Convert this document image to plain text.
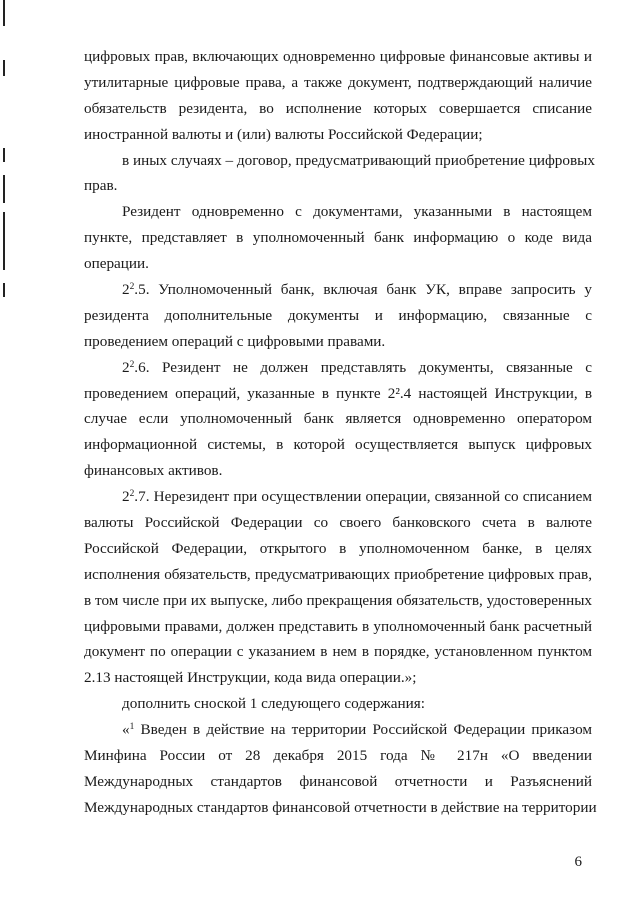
цифровых прав, включающих одновременно цифровые финансовые активы и
утилитарные цифровые права, а также документ, подтверждающий наличие
обязательств резидента, во исполнение которых совершается списание
иностранной валюты и (или) валюты Российской Федерации;
в иных случаях – договор, предусматривающий приобретение цифровых
прав.
Резидент одновременно с документами, указанными в настоящем
пункте, представляет в уполномоченный банк информацию о коде вида
операции.
$2^2.5$. Уполномоченный банк, включая банк УК, вправе запросить у
резидента дополнительные документы и информацию, связанные с
проведением операций с цифровыми правами.
$2^2.6$. Резидент не должен представлять документы, связанные с
проведением операций, указанные в пункте 2².4 настоящей Инструкции, в
случае если уполномоченный банк является одновременно оператором
информационной системы, в которой осуществляется выпуск цифровых
финансовых активов.
$2^2.7$. Нерезидент при осуществлении операции, связанной со списанием
валюты Российской Федерации со своего банковского счета в валюте
Российской Федерации, открытого в уполномоченном банке, в целях
исполнения обязательств, предусматривающих приобретение цифровых прав,
в том числе при их выпуске, либо прекращения обязательств, удостоверенных
цифровыми правами, должен представить в уполномоченный банк расчетный
документ по операции с указанием в нем в порядке, установленном пунктом
2.13 настоящей Инструкции, кода вида операции.»;
дополнить сноской 1 следующего содержания:
«$^1$ Введен в действие на территории Российской Федерации приказом
Минфина России от 28 декабря 2015 года № 217н «О введении
Международных стандартов финансовой отчетности и Разъяснений
Международных стандартов финансовой отчетности в действие на территории
6
